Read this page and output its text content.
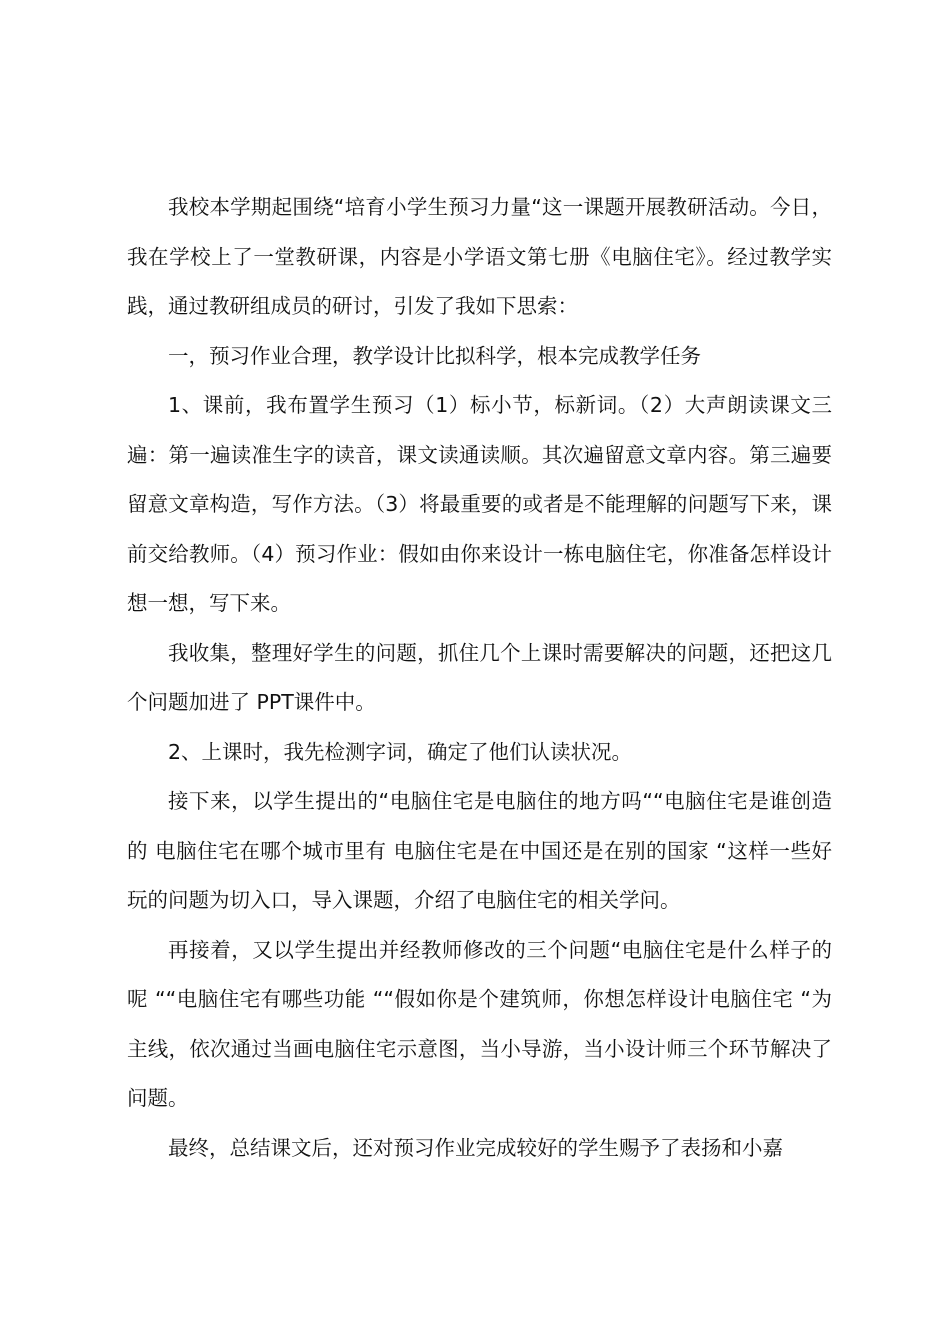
我校本学期起围绕“培育小学生预习力量“这一课题开展教研活动。今日，我在学校上了一堂教研课，内容是小学语文第七册《电脑住宅》。经过教学实践，通过教研组成员的研讨，引发了我如下思索：

一，预习作业合理，教学设计比拟科学，根本完成教学任务

1、课前，我布置学生预习（1）标小节，标新词。（2）大声朗读课文三遍：第一遍读准生字的读音，课文读通读顺。其次遍留意文章内容。第三遍要留意文章构造，写作方法。（3）将最重要的或者是不能理解的问题写下来，课前交给教师。（4）预习作业：假如由你来设计一栋电脑住宅，你准备怎样设计 想一想，写下来。

我收集，整理好学生的问题，抓住几个上课时需要解决的问题，还把这几个问题加进了 PPT课件中。

2、上课时，我先检测字词，确定了他们认读状况。

接下来，以学生提出的“电脑住宅是电脑住的地方吗““电脑住宅是谁创造的 电脑住宅在哪个城市里有 电脑住宅是在中国还是在别的国家 “这样一些好玩的问题为切入口，导入课题，介绍了电脑住宅的相关学问。

再接着，又以学生提出并经教师修改的三个问题“电脑住宅是什么样子的呢 ““电脑住宅有哪些功能 ““假如你是个建筑师，你想怎样设计电脑住宅 “为主线，依次通过当画电脑住宅示意图，当小导游，当小设计师三个环节解决了问题。

最终，总结课文后，还对预习作业完成较好的学生赐予了表扬和小嘉
